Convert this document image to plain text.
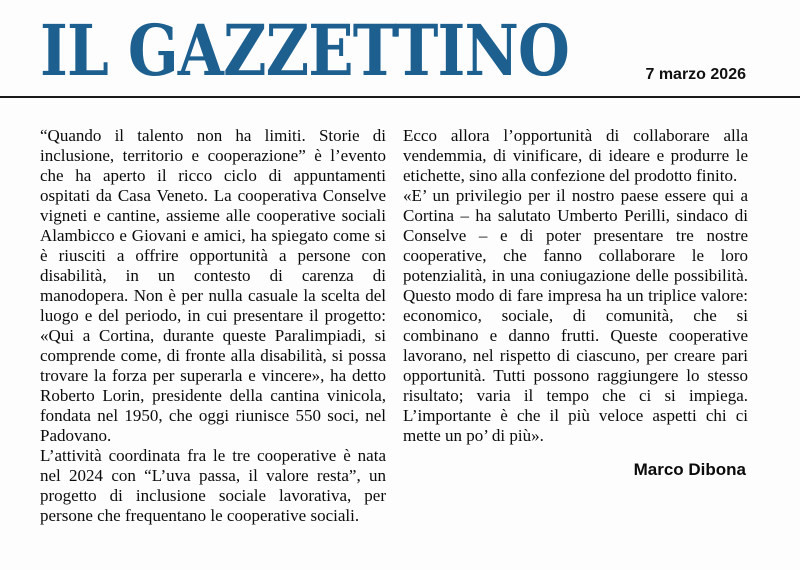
IL GAZZETTINO	7 marzo 2026

“Quando il talento non ha limiti. Storie di inclusione, territorio e cooperazione” è l’evento che ha aperto il ricco ciclo di appuntamenti ospitati da Casa Veneto. La cooperativa Conselve vigneti e cantine, assieme alle cooperative sociali Alambicco e Giovani e amici, ha spiegato come si è riusciti a offrire opportunità a persone con disabilità, in un contesto di carenza di manodopera. Non è per nulla casuale la scelta del luogo e del periodo, in cui presentare il progetto: «Qui a Cortina, durante queste Paralimpiadi, si comprende come, di fronte alla disabilità, si possa trovare la forza per superarla e vincere», ha detto Roberto Lorin, presidente della cantina vinicola, fondata nel 1950, che oggi riunisce 550 soci, nel Padovano.

L’attività coordinata fra le tre cooperative è nata nel 2024 con “L’uva passa, il valore resta”, un progetto di inclusione sociale lavorativa, per persone che frequentano le cooperative sociali.

Ecco allora l’opportunità di collaborare alla vendemmia, di vinificare, di ideare e produrre le etichette, sino alla confezione del prodotto finito.

«E’ un privilegio per il nostro paese essere qui a Cortina – ha salutato Umberto Perilli, sindaco di Conselve – e di poter presentare tre nostre cooperative, che fanno collaborare le loro potenzialità, in una coniugazione delle possibilità. Questo modo di fare impresa ha un triplice valore: economico, sociale, di comunità, che si combinano e danno frutti. Queste cooperative lavorano, nel rispetto di ciascuno, per creare pari opportunità. Tutti possono raggiungere lo stesso risultato; varia il tempo che ci si impiega. L’importante è che il più veloce aspetti chi ci mette un po’ di più».

Marco Dibona
